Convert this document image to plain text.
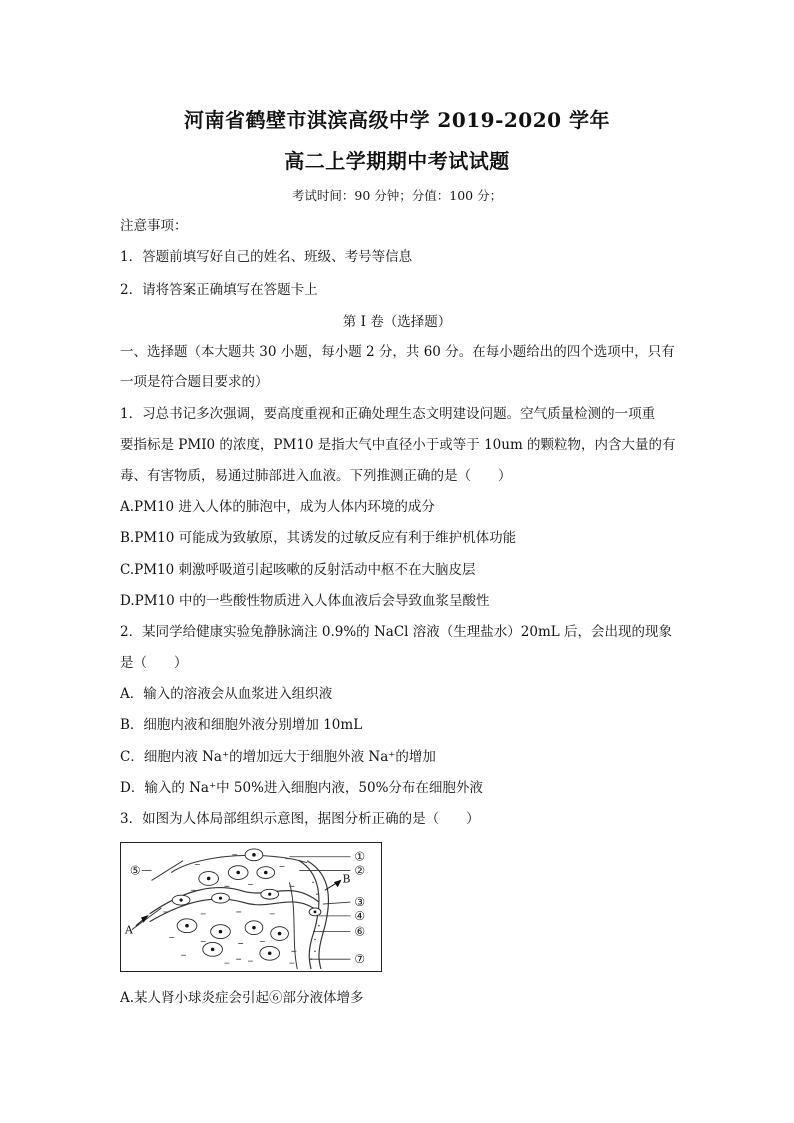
河南省鹤壁市淇滨高级中学 2019-2020 学年
高二上学期期中考试试题
考试时间：90 分钟；分值：100 分；
注意事项：
1．答题前填写好自己的姓名、班级、考号等信息
2．请将答案正确填写在答题卡上
第 I 卷（选择题）
一、选择题（本大题共 30 小题，每小题 2 分，共 60 分。在每小题给出的四个选项中，只有
一项是符合题目要求的）
1．习总书记多次强调，要高度重视和正确处理生态文明建设问题。空气质量检测的一项重
要指标是 PMI0 的浓度，PM10 是指大气中直径小于或等于 10um 的颗粒物，内含大量的有
毒、有害物质，易通过肺部进入血液。下列推测正确的是（　　）
A.PM10 进入人体的肺泡中，成为人体内环境的成分
B.PM10 可能成为致敏原，其诱发的过敏反应有利于维护机体功能
C.PM10 刺激呼吸道引起咳嗽的反射活动中枢不在大脑皮层
D.PM10 中的一些酸性物质进入人体血液后会导致血浆呈酸性
2．某同学给健康实验兔静脉滴注 0.9%的 NaCl 溶液（生理盐水）20mL 后，会出现的现象
是（　　）
A．输入的溶液会从血浆进入组织液
B．细胞内液和细胞外液分别增加 10mL
C．细胞内液 Na⁺的增加远大于细胞外液 Na⁺的增加
D．输入的 Na⁺中 50%进入细胞内液，50%分布在细胞外液
3．如图为人体局部组织示意图，据图分析正确的是（　　）
①
②
③
④
⑥
⑦
⑤
A
B
A.某人肾小球炎症会引起⑥部分液体增多
